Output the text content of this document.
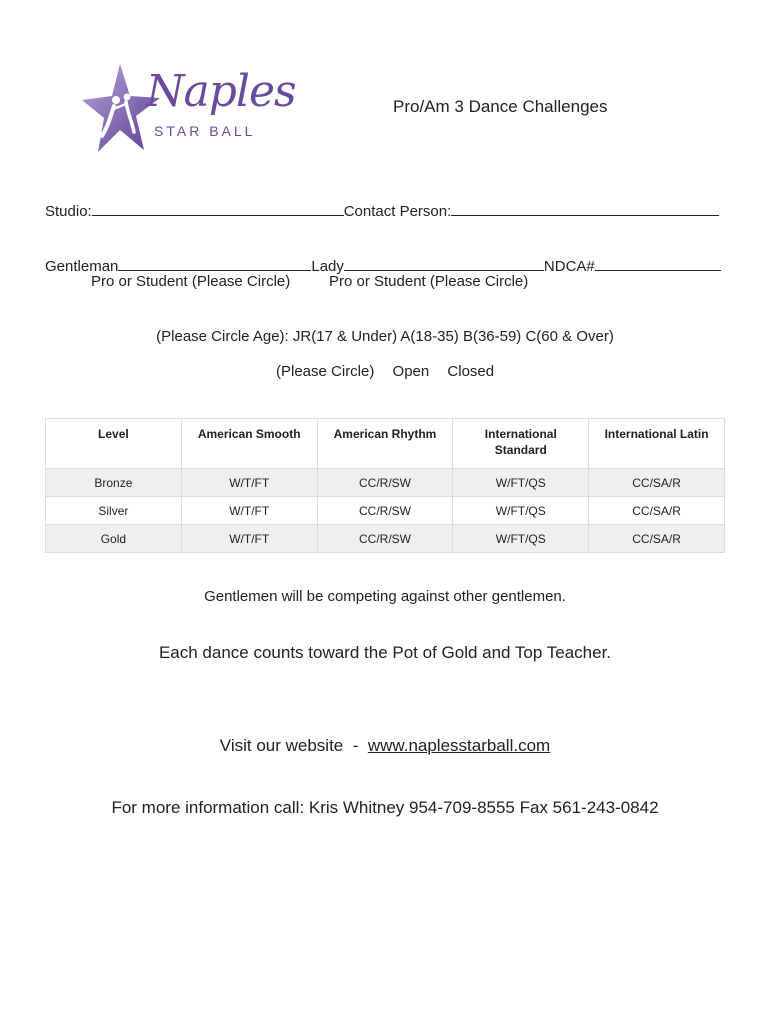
Naples
STAR BALL
Pro/Am 3 Dance Challenges
Studio:	Contact Person:
Gentleman	Lady	NDCA#
Pro or Student (Please Circle)	Pro or Student (Please Circle)
(Please Circle Age): JR(17 & Under) A(18-35) B(36-59) C(60 & Over)
(Please Circle) Open Closed
Level	American Smooth	American Rhythm	International Standard	International Latin
Bronze	W/T/FT	CC/R/SW	W/FT/QS	CC/SA/R
Silver	W/T/FT	CC/R/SW	W/FT/QS	CC/SA/R
Gold	W/T/FT	CC/R/SW	W/FT/QS	CC/SA/R
Gentlemen will be competing against other gentlemen.
Each dance counts toward the Pot of Gold and Top Teacher.
Visit our website  -  www.naplesstarball.com
For more information call: Kris Whitney 954-709-8555 Fax 561-243-0842
